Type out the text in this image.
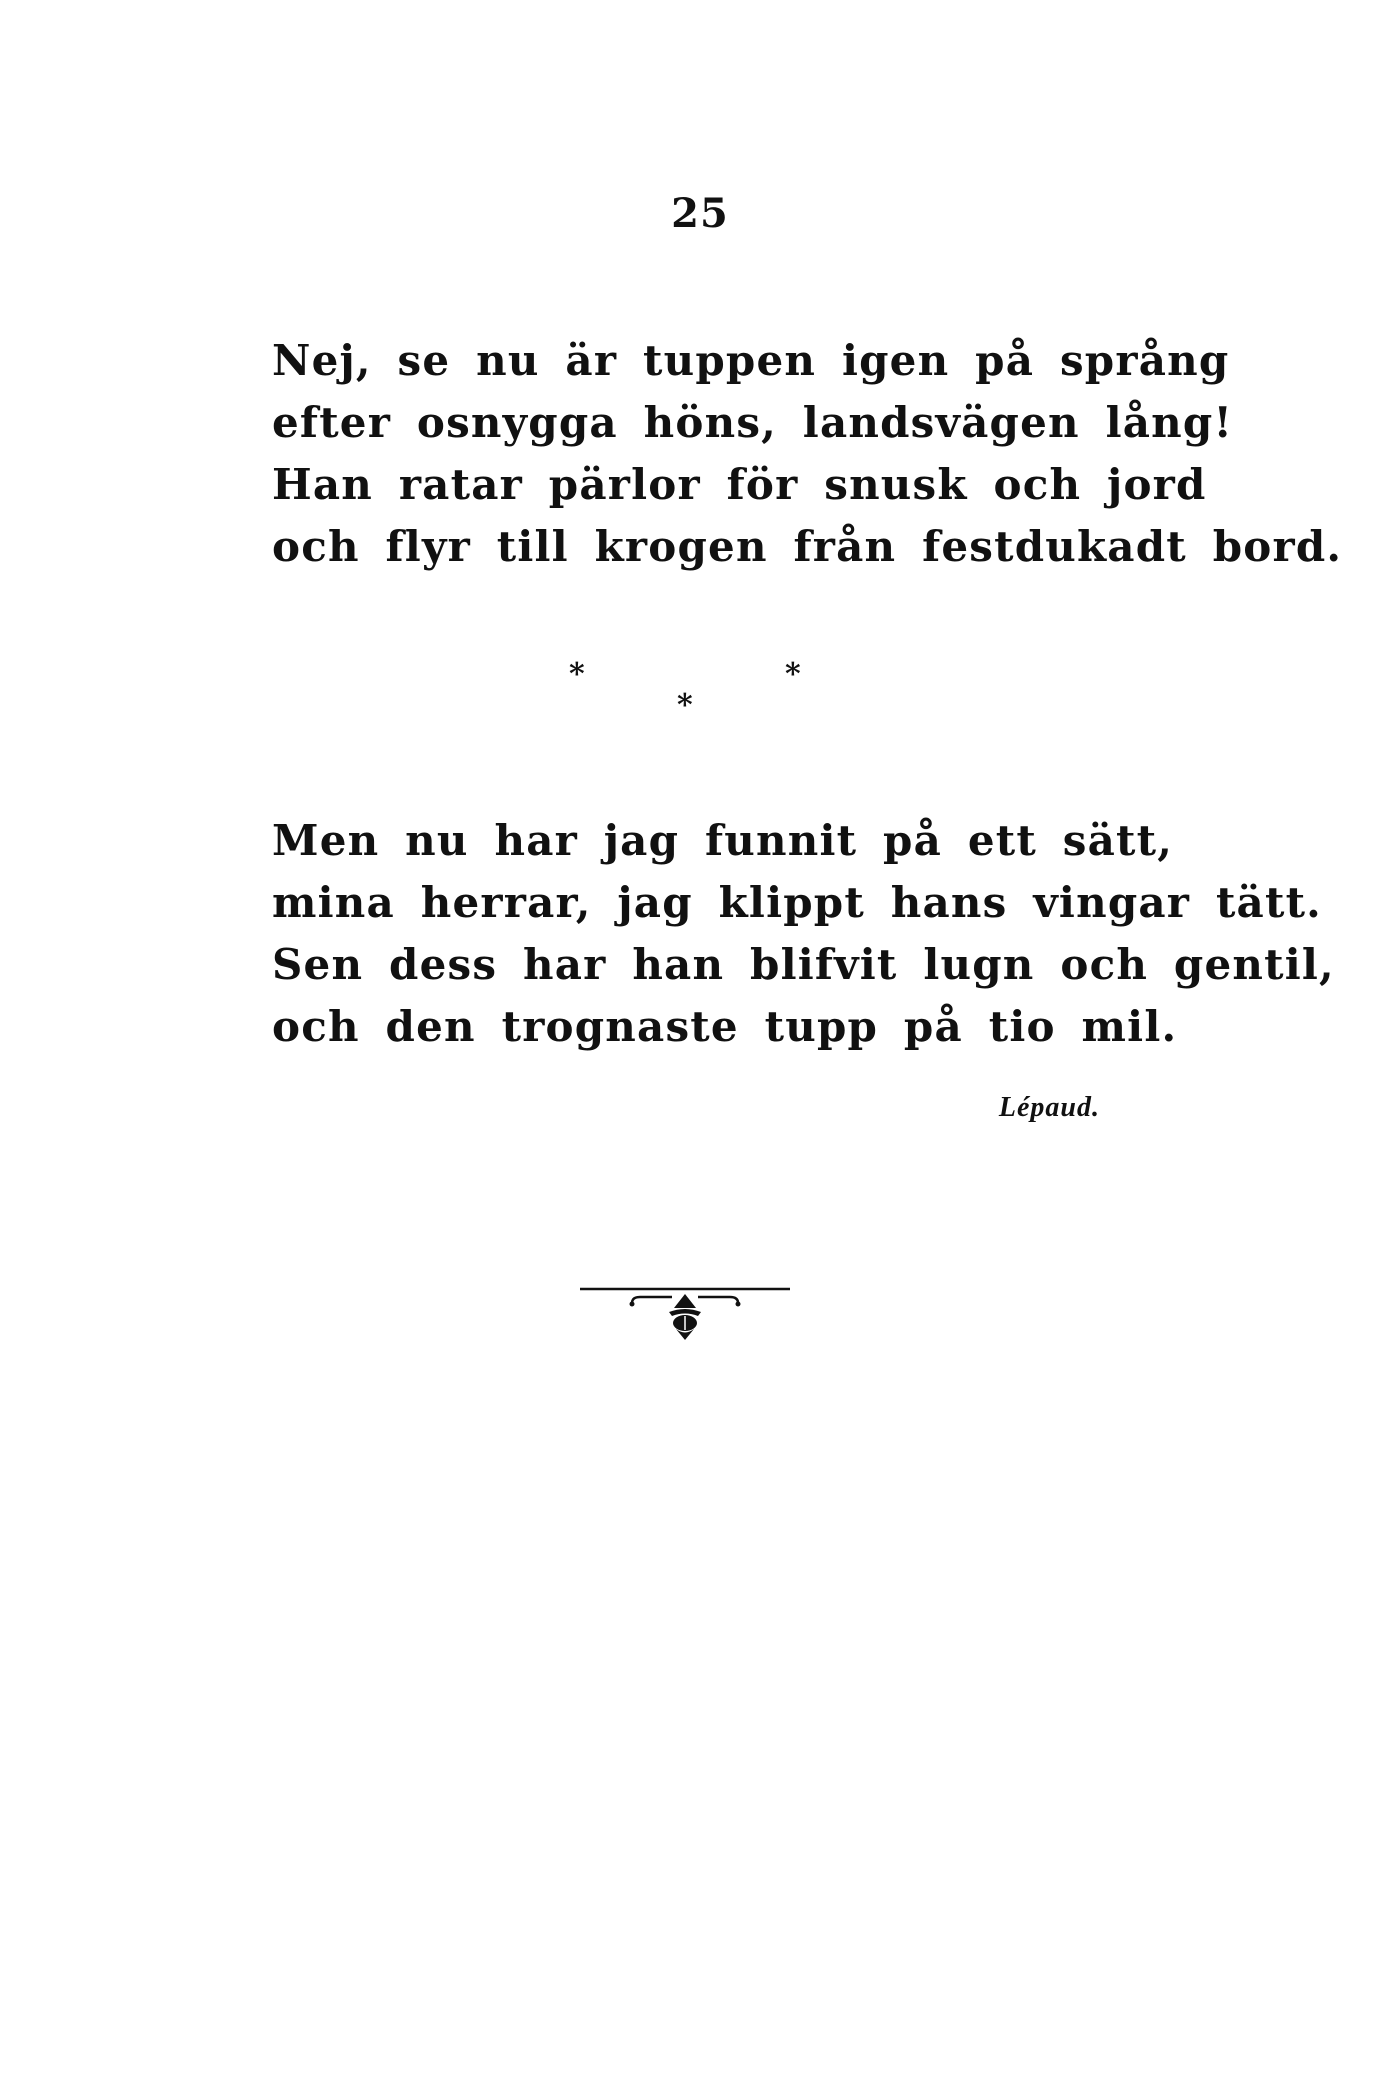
25
Nej, se nu är tuppen igen på språng
efter osnygga höns, landsvägen lång!
Han ratar pärlor för snusk och jord
och flyr till krogen från festdukadt bord.
*
*
*
Men nu har jag funnit på ett sätt,
mina herrar, jag klippt hans vingar tätt.
Sen dess har han blifvit lugn och gentil,
och den trognaste tupp på tio mil.
Lépaud.
